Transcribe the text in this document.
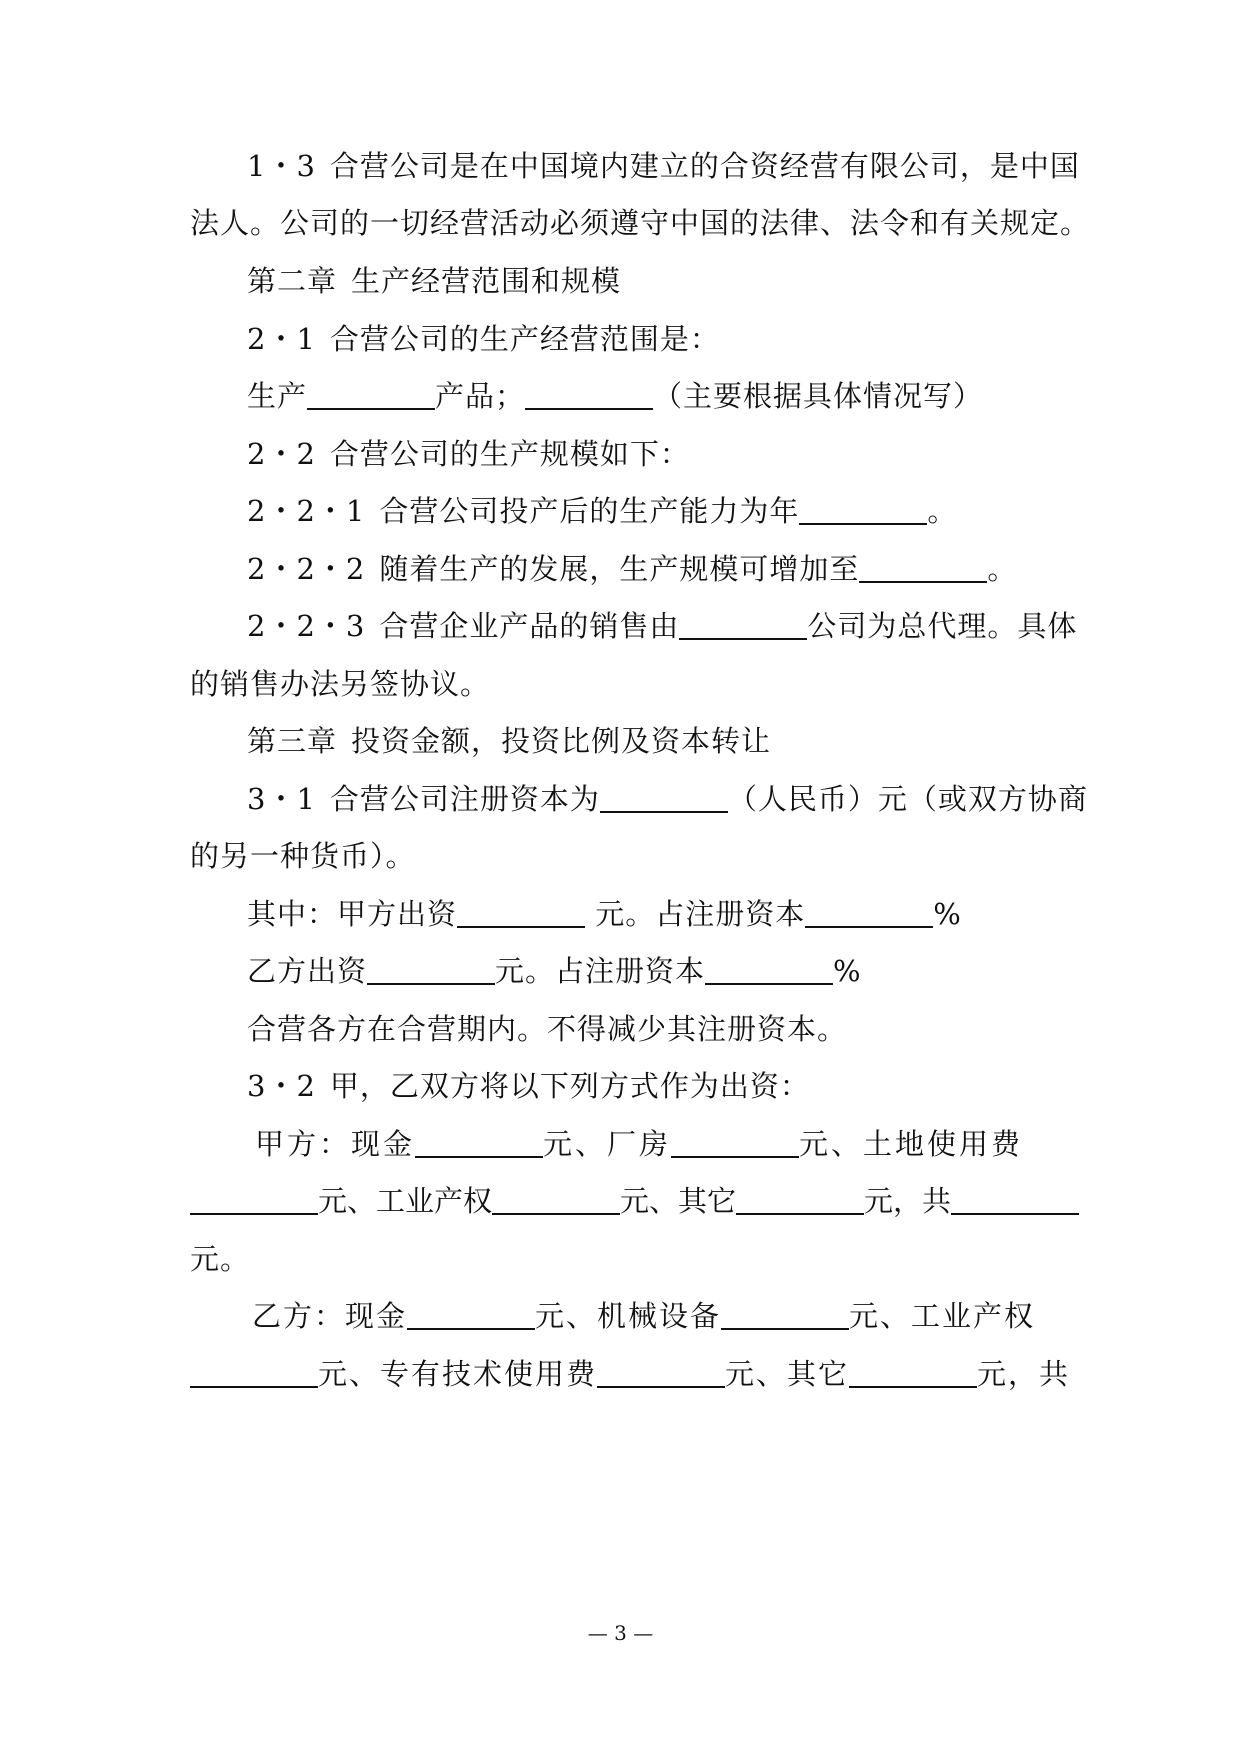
1・3 合营公司是在中国境内建立的合资经营有限公司，是中国
法人。公司的一切经营活动必须遵守中国的法律、法令和有关规定。
第二章 生产经营范围和规模
2・1 合营公司的生产经营范围是：
生产	产品；	（主要根据具体情况写）
2・2 合营公司的生产规模如下：
2・2・1 合营公司投产后的生产能力为年	。
2・2・2 随着生产的发展，生产规模可增加至	。
2・2・3 合营企业产品的销售由	公司为总代理。具体
的销售办法另签协议。
第三章 投资金额，投资比例及资本转让
3・1 合营公司注册资本为	（人民币）元（或双方协商
的另一种货币）。
其中：甲方出资	元。占注册资本	%
乙方出资	元。占注册资本	%
合营各方在合营期内。不得减少其注册资本。
3・2 甲，乙双方将以下列方式作为出资：
甲方：现金	元、厂房	元、土地使用费
元、工业产权	元、其它	元，共
元。
乙方：现金	元、机械设备	元、工业产权
元、专有技术使用费	元、其它	元，共
— 3 —
